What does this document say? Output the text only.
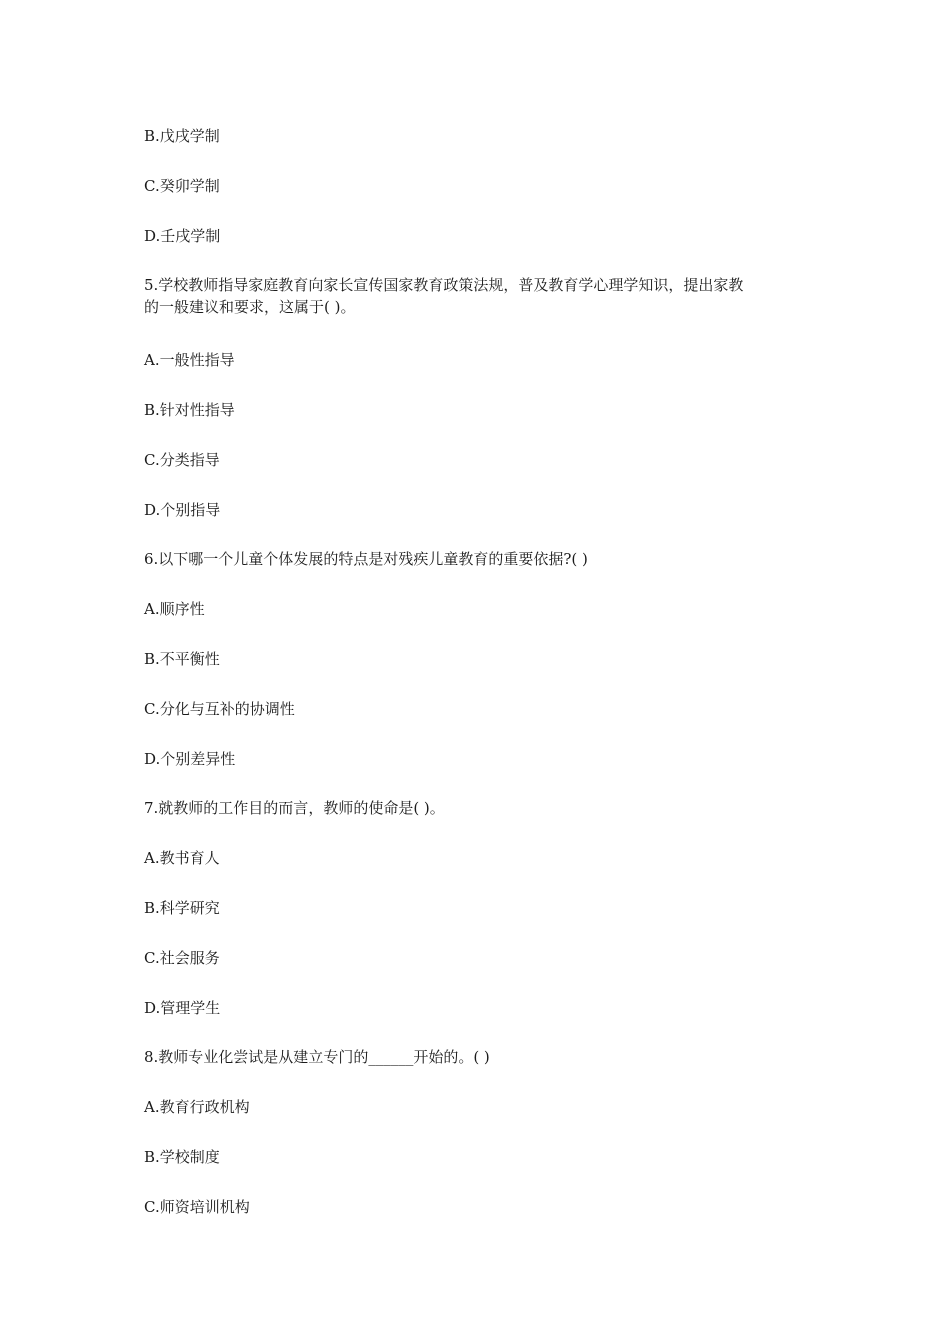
B.戊戌学制
C.癸卯学制
D.壬戌学制
5.学校教师指导家庭教育向家长宣传国家教育政策法规，普及教育学心理学知识，提出家教
的一般建议和要求，这属于( )。
A.一般性指导
B.针对性指导
C.分类指导
D.个别指导
6.以下哪一个儿童个体发展的特点是对残疾儿童教育的重要依据?( )
A.顺序性
B.不平衡性
C.分化与互补的协调性
D.个别差异性
7.就教师的工作目的而言，教师的使命是( )。
A.教书育人
B.科学研究
C.社会服务
D.管理学生
8.教师专业化尝试是从建立专门的______开始的。( )
A.教育行政机构
B.学校制度
C.师资培训机构
